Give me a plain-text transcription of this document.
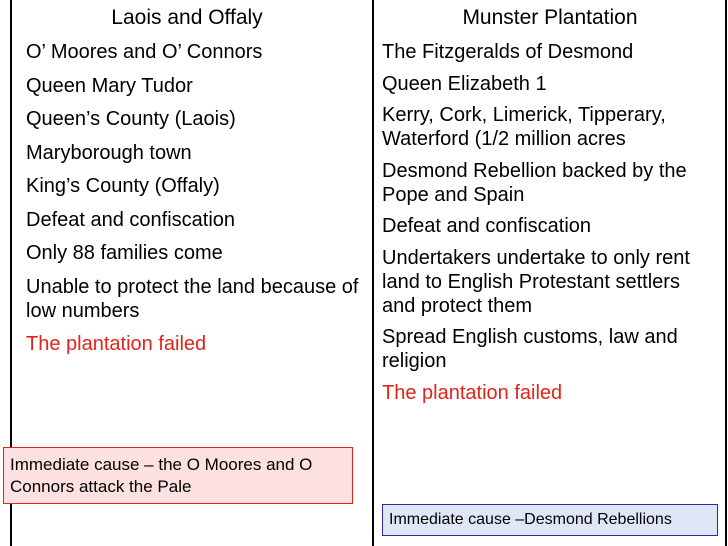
Laois and Offaly
O’ Moores and O’ Connors
Queen Mary Tudor
Queen’s County (Laois)
Maryborough town
King’s County (Offaly)
Defeat and confiscation
Only 88 families come
Unable to protect the land because of low numbers
The plantation failed
Munster Plantation
The Fitzgeralds of Desmond
Queen Elizabeth 1
Kerry, Cork, Limerick, Tipperary, Waterford (1/2 million acres
Desmond Rebellion backed by the Pope and Spain
Defeat and confiscation
Undertakers undertake to only rent land to English Protestant settlers and protect them
Spread English customs, law and religion
The plantation failed
Immediate cause – the O Moores and O Connors attack the Pale
Immediate cause –Desmond Rebellions
